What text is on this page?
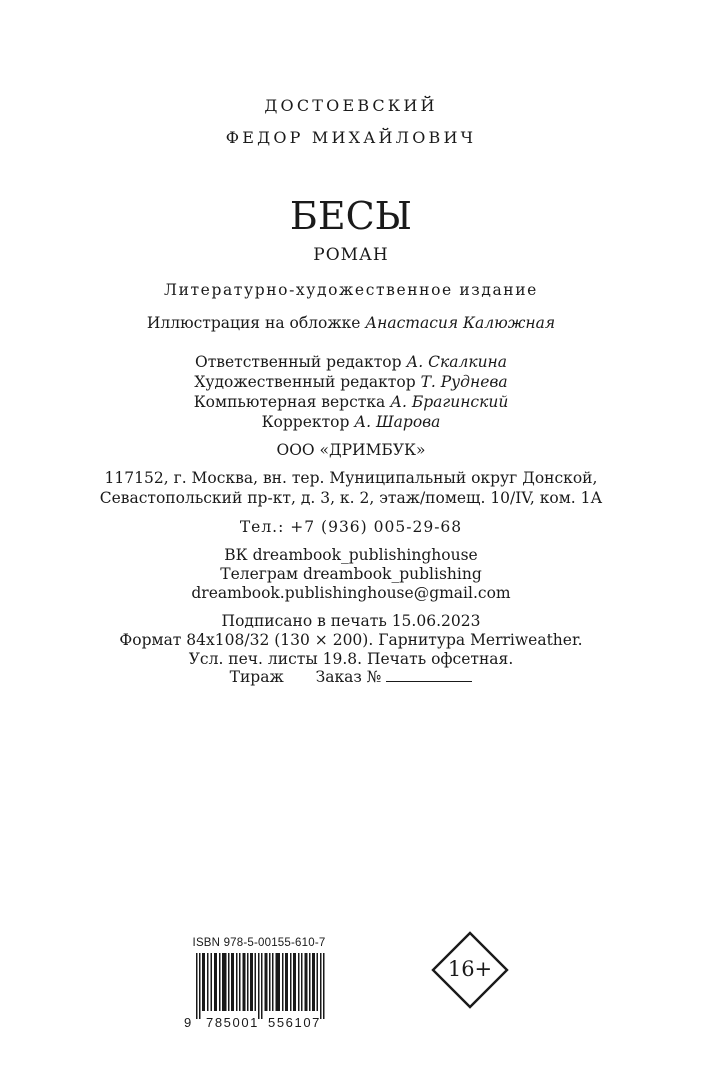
ДОСТОЕВСКИЙ
ФЕДОР МИХАЙЛОВИЧ
БЕСЫ
РОМАН
Литературно-художественное издание
Иллюстрация на обложке Анастасия Калюжная
Ответственный редактор А. Скалкина
Художественный редактор Т. Руднева
Компьютерная верстка А. Брагинский
Корректор А. Шарова
ООО «ДРИМБУК»
117152, г. Москва, вн. тер. Муниципальный округ Донской,
Севастопольский пр-кт, д. 3, к. 2, этаж/помещ. 10/IV, ком. 1А
Тел.: +7 (936) 005-29-68
ВК dreambook_publishinghouse
Телеграм dreambook_publishing
dreambook.publishinghouse@gmail.com
Подписано в печать 15.06.2023
Формат 84х108/32 (130 × 200). Гарнитура Merriweather.
Усл. печ. листы 19.8. Печать офсетная.
Тираж Заказ №
ISBN 978-5-00155-610-7
9 785001 556107
16+
